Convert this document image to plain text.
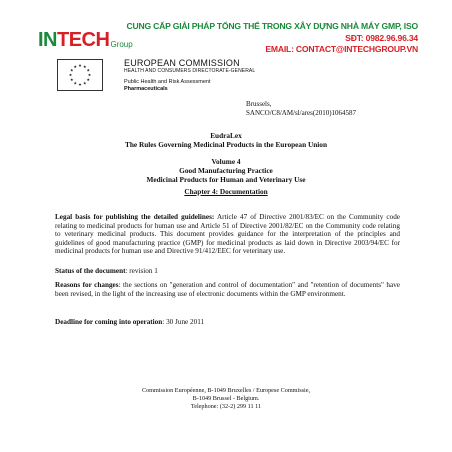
IN TECH Group
CUNG CẤP GIẢI PHÁP TỔNG THỂ TRONG XÂY DỰNG NHÀ MÁY GMP, ISO
SĐT: 0982.96.96.34
EMAIL: CONTACT@INTECHGROUP.VN
EUROPEAN COMMISSION
HEALTH AND CONSUMERS DIRECTORATE-GENERAL
Public Health and Risk Assessment
Pharmaceuticals
Brussels,
SANCO/C8/AM/sl/ares(2010)1064587
EudraLex
The Rules Governing Medicinal Products in the European Union
Volume 4
Good Manufacturing Practice
Medicinal Products for Human and Veterinary Use
Chapter 4: Documentation
Legal basis for publishing the detailed guidelines: Article 47 of Directive 2001/83/EC on the Community code relating to medicinal products for human use and Article 51 of Directive 2001/82/EC on the Community code relating to veterinary medicinal products. This document provides guidance for the interpretation of the principles and guidelines of good manufacturing practice (GMP) for medicinal products as laid down in Directive 2003/94/EC for medicinal products for human use and Directive 91/412/EEC for veterinary use.
Status of the document: revision 1
Reasons for changes: the sections on "generation and control of documentation" and "retention of documents" have been revised, in the light of the increasing use of electronic documents within the GMP environment.
Deadline for coming into operation: 30 June 2011
Commission Européenne, B-1049 Bruxelles / Europese Commissie,
B-1049 Brussel - Belgium.
Telephone: (32-2) 299 11 11
